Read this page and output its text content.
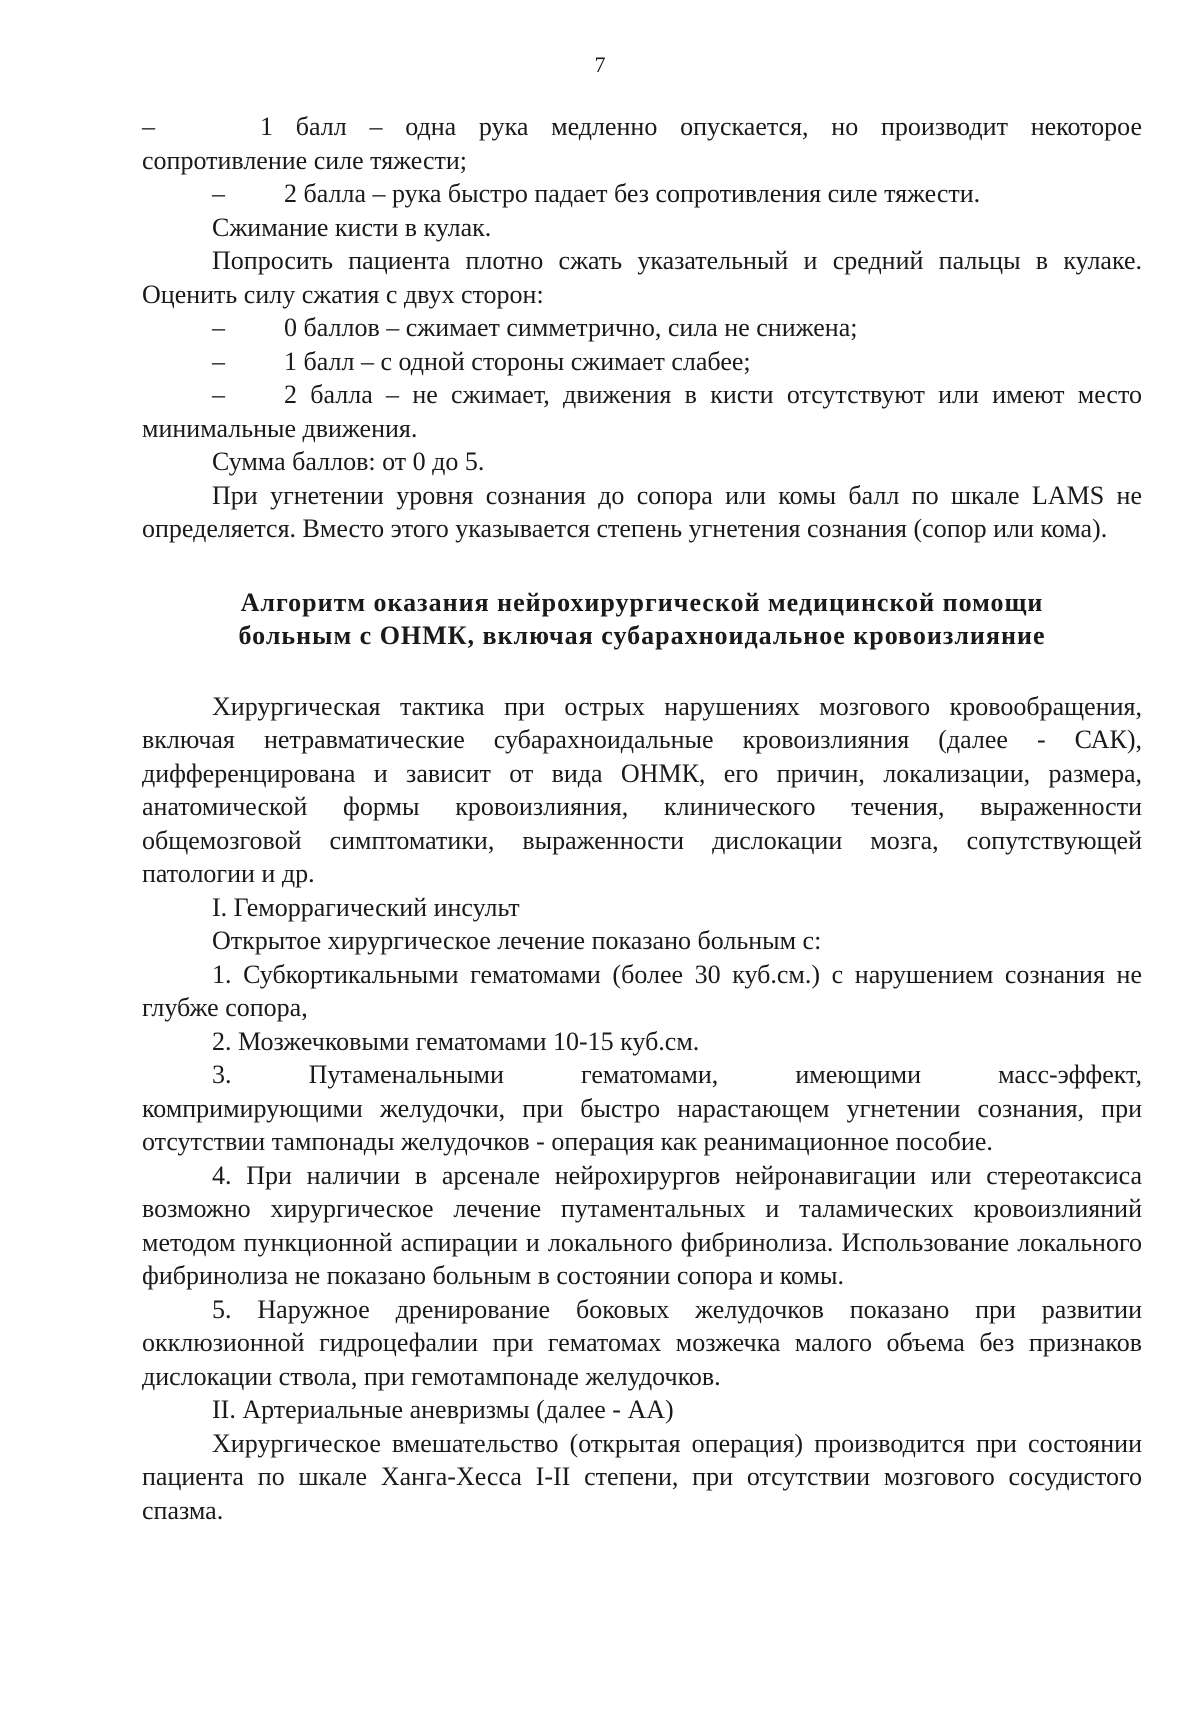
7

–	1 балл – одна рука медленно опускается, но производит некоторое сопротивление силе тяжести;

– 2 балла – рука быстро падает без сопротивления силе тяжести.

Сжимание кисти в кулак.

Попросить пациента плотно сжать указательный и средний пальцы в кулаке. Оценить силу сжатия с двух сторон:

– 0 баллов – сжимает симметрично, сила не снижена;

– 1 балл – с одной стороны сжимает слабее;

– 2 балла – не сжимает, движения в кисти отсутствуют или имеют место минимальные движения.

Сумма баллов: от 0 до 5.

При угнетении уровня сознания до сопора или комы балл по шкале LAMS не определяется. Вместо этого указывается степень угнетения сознания (сопор или кома).

Алгоритм оказания нейрохирургической медицинской помощи
больным с ОНМК, включая субарахноидальное кровоизлияние

Хирургическая тактика при острых нарушениях мозгового кровообращения, включая нетравматические субарахноидальные кровоизлияния (далее - САК), дифференцирована и зависит от вида ОНМК, его причин, локализации, размера, анатомической формы кровоизлияния, клинического течения, выраженности общемозговой симптоматики, выраженности дислокации мозга, сопутствующей патологии и др.

I. Геморрагический инсульт

Открытое хирургическое лечение показано больным с:

1. Субкортикальными гематомами (более 30 куб.см.) с нарушением сознания не глубже сопора,

2. Мозжечковыми гематомами 10-15 куб.см.

3.	Путаменальными	гематомами,	имеющими	масс-эффект,

компримирующими желудочки, при быстро нарастающем угнетении сознания, при отсутствии тампонады желудочков - операция как реанимационное пособие.

4. При наличии в арсенале нейрохирургов нейронавигации или стереотаксиса возможно хирургическое лечение путаментальных и таламических кровоизлияний методом пункционной аспирации и локального фибринолиза. Использование локального фибринолиза не показано больным в состоянии сопора и комы.

5. Наружное дренирование боковых желудочков показано при развитии окклюзионной гидроцефалии при гематомах мозжечка малого объема без признаков дислокации ствола, при гемотампонаде желудочков.

II. Артериальные аневризмы (далее - АА)

Хирургическое вмешательство (открытая операция) производится при состоянии пациента по шкале Ханга-Хесса I-II степени, при отсутствии мозгового сосудистого спазма.
